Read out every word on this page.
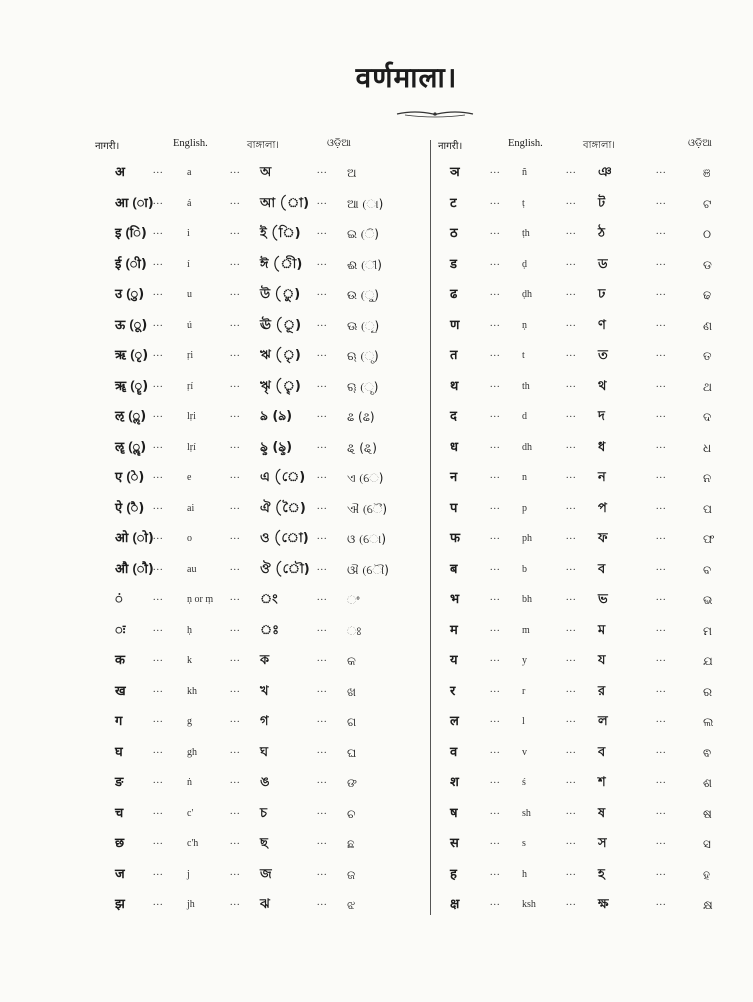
वर्णमाला।
नागरी।	English.	বাঙ্গালা।	ଓଡ଼ିଆ
अ	a	অ	ଅ
...	...	...
आ (ा)	á	আ (া)	ଆ (ା)
...	...	...
इ (ि)	i	ই (ি)	ଇ (ି)
...	...	...
ई (ी)	í	ঈ (ী)	ଈ (ୀ)
...	...	...
उ (ु)	u	উ (ু)	ଉ (ୁ)
...	...	...
ऊ (ू)	ú	ঊ (ূ)	ଊ (ୂ)
...	...	...
ऋ (ृ)	ṛi	ঋ (ৃ)	ଋ (ୃ)
...	...	...
ॠ (ॄ)	ṛí	ৠ (ৄ)	ୠ (ୄ)
...	...	...
ऌ (ॢ)	lṛi	ঌ (ঌ)	ଌ (ଌ)
...	...	...
ॡ (ॣ)	lṛí	ৡ (ৡ)	ୡ (ୡ)
...	...	...
ए (े)	e	এ (ে)	ଏ (େ)
...	...	...
ऐ (ै)	ai	ঐ (ৈ)	ଐ (ୈ)
...	...	...
ओ (ो)	o	ও (ো)	ଓ (ୋ)
...	...	...
औ (ौ)	au	ঔ (ৌ)	ଔ (ୌ)
...	...	...
ं	ṇ or ṃ	ং	ଂ
...	...	...
ः	ḥ	ঃ	ଃ
...	...	...
क	k	ক	କ
...	...	...
ख	kh	খ	ଖ
...	...	...
ग	g	গ	ଗ
...	...	...
घ	gh	ঘ	ଘ
...	...	...
ङ	ṅ	ঙ	ଙ
...	...	...
च	c'	চ	ଚ
...	...	...
छ	c'h	ছ	ଛ
...	...	...
ज	j	জ	ଜ
...	...	...
झ	jh	ঝ	ଝ
...	...	...
नागरी।	English.	বাঙ্গালা।	ଓଡ଼ିଆ
ञ	ñ	ঞ	ଞ
...	...	...
ट	ṭ	ট	ଟ
...	...	...
ठ	ṭh	ঠ	ଠ
...	...	...
ड	ḍ	ড	ଡ
...	...	...
ढ	ḍh	ঢ	ଢ
...	...	...
ण	ṇ	ণ	ଣ
...	...	...
त	t	ত	ତ
...	...	...
थ	th	থ	ଥ
...	...	...
द	d	দ	ଦ
...	...	...
ध	dh	ধ	ଧ
...	...	...
न	n	ন	ନ
...	...	...
प	p	প	ପ
...	...	...
फ	ph	ফ	ଫ
...	...	...
ब	b	ব	ବ
...	...	...
भ	bh	ভ	ଭ
...	...	...
म	m	ম	ମ
...	...	...
य	y	য	ଯ
...	...	...
र	r	র	ର
...	...	...
ल	l	ল	ଲ
...	...	...
व	v	ব	ଵ
...	...	...
श	ś	শ	ଶ
...	...	...
ष	sh	ষ	ଷ
...	...	...
स	s	স	ସ
...	...	...
ह	h	হ	ହ
...	...	...
क्ष	ksh	ক্ষ	କ୍ଷ
...	...	...
